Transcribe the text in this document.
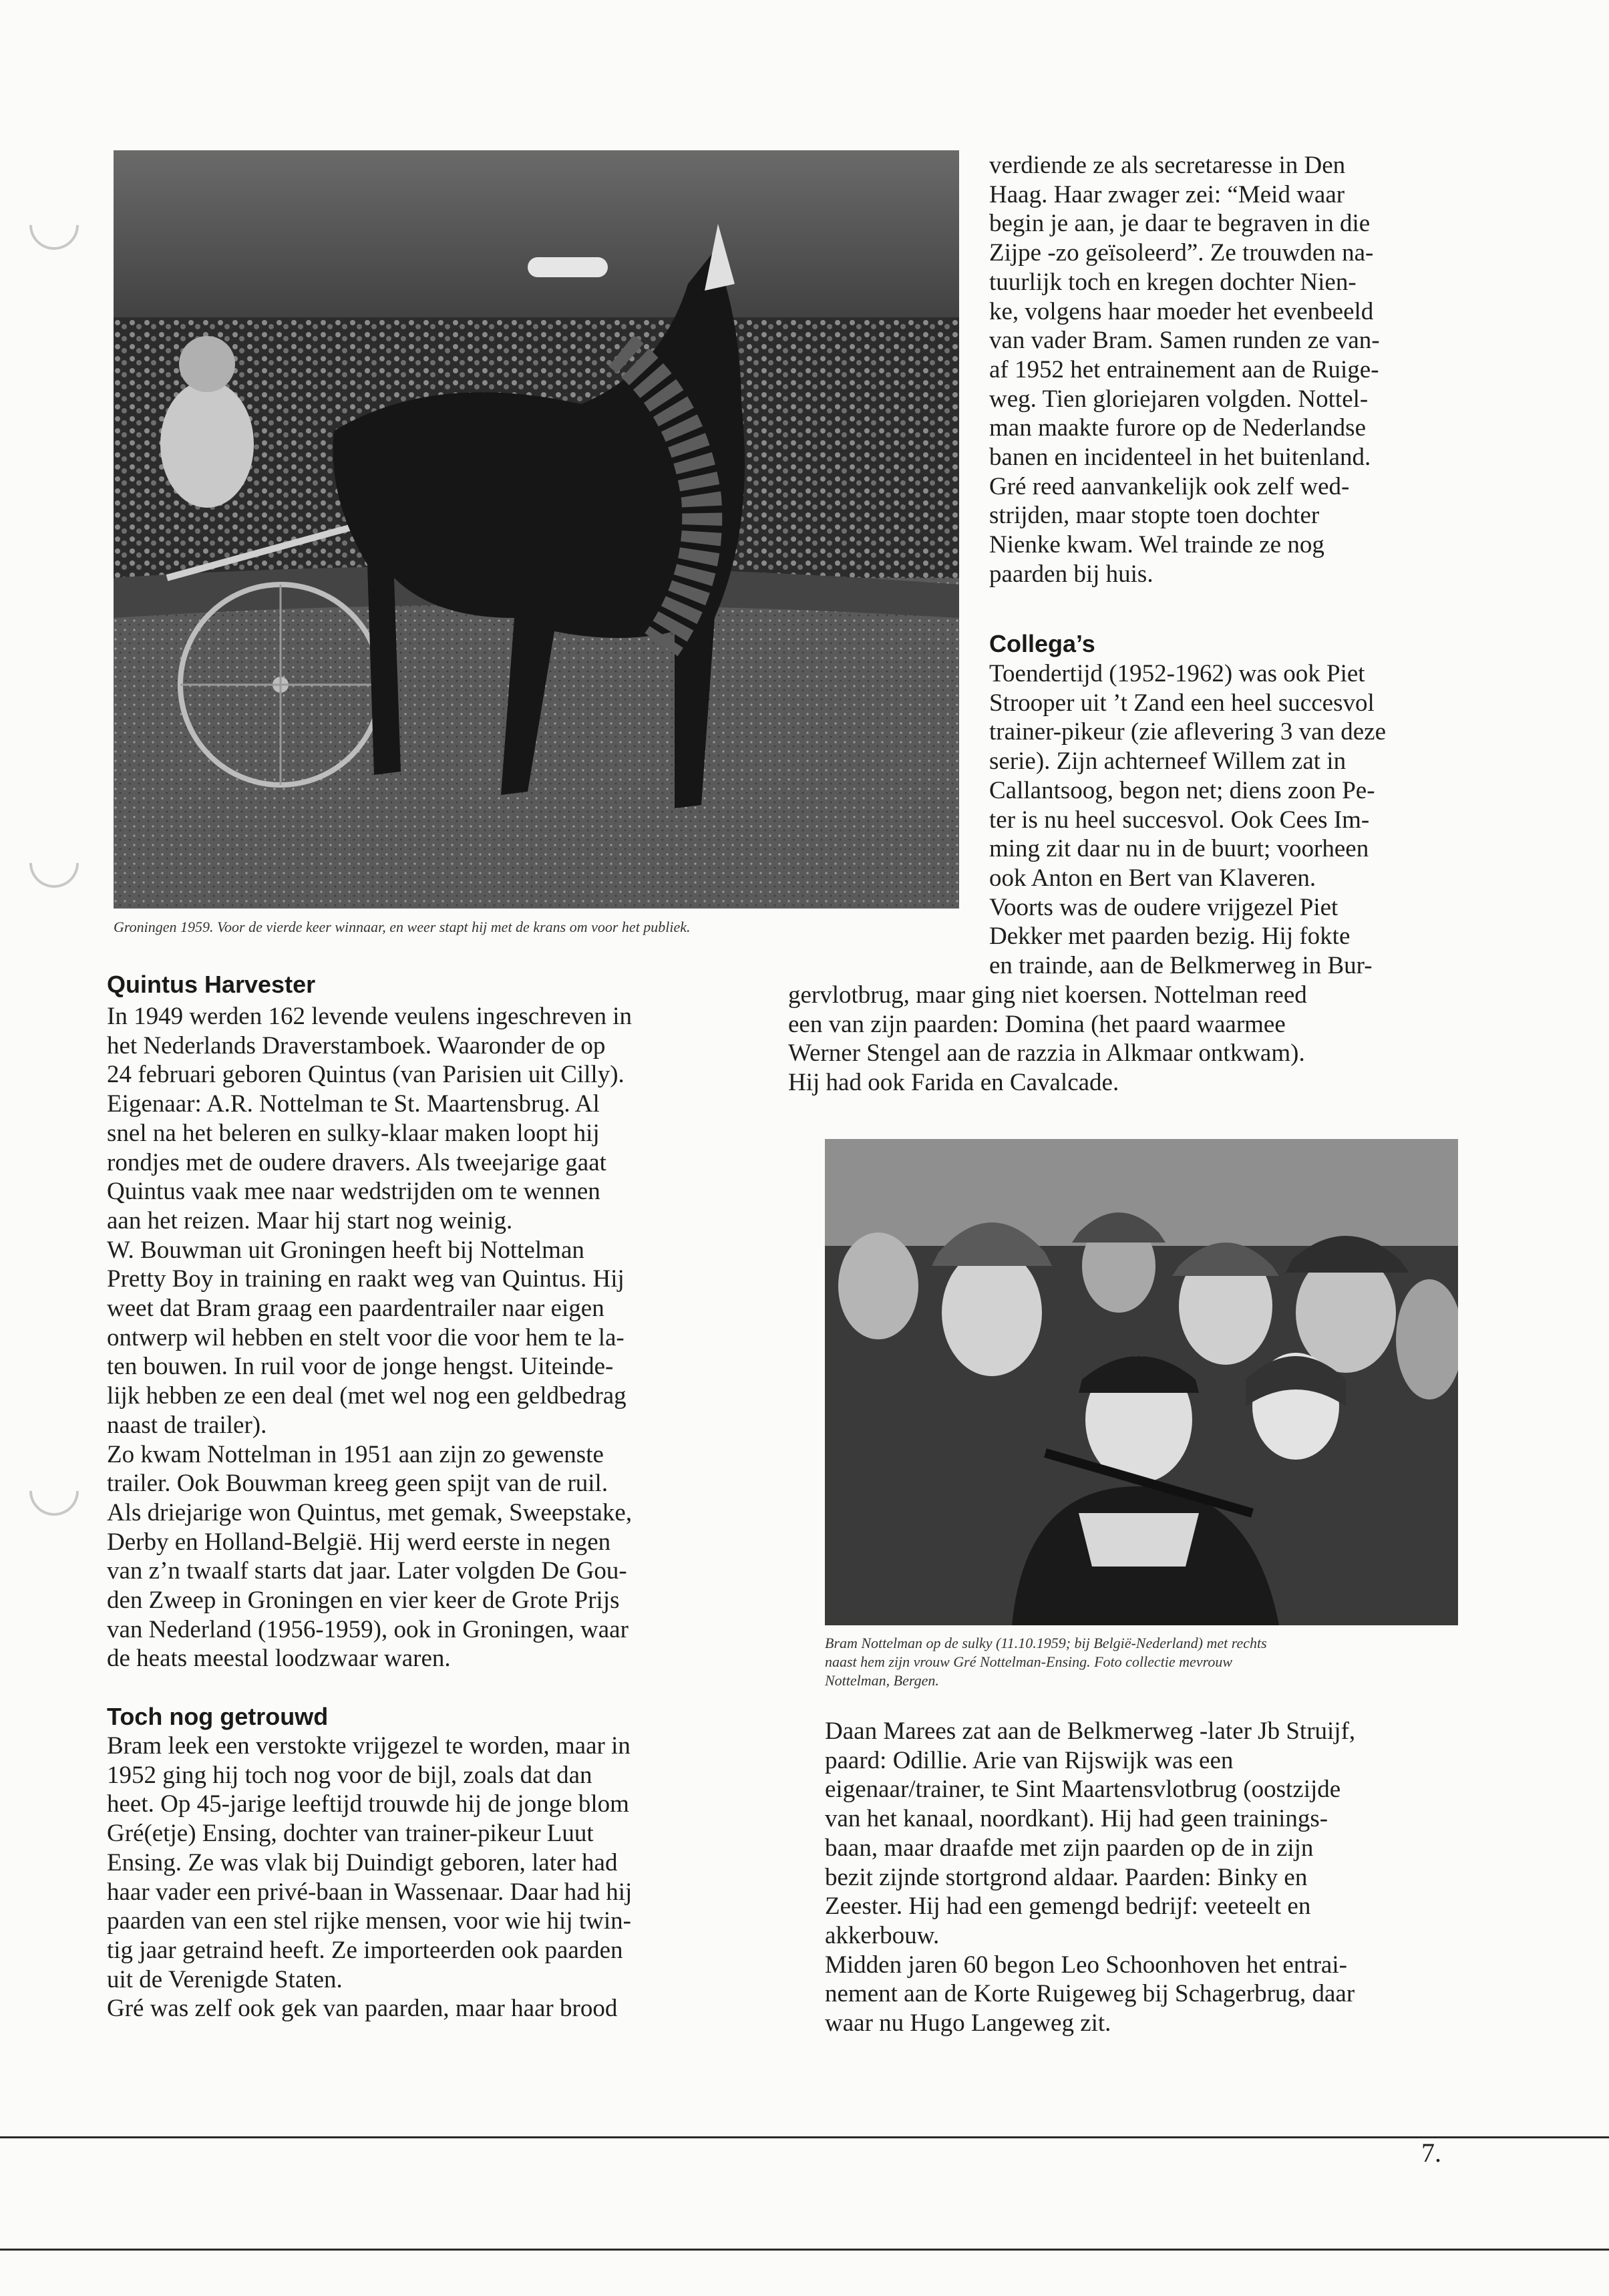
Groningen 1959. Voor de vierde keer winnaar, en weer stapt hij met de krans om voor het publiek.
verdiende ze als secretaresse in Den
Haag. Haar zwager zei: “Meid waar
begin je aan, je daar te begraven in die
Zijpe -zo geïsoleerd”. Ze trouwden na-
tuurlijk toch en kregen dochter Nien-
ke, volgens haar moeder het evenbeeld
van vader Bram. Samen runden ze van-
af 1952 het entrainement aan de Ruige-
weg. Tien gloriejaren volgden. Nottel-
man maakte furore op de Nederlandse
banen en incidenteel in het buitenland.
Gré reed aanvankelijk ook zelf wed-
strijden, maar stopte toen dochter
Nienke kwam. Wel trainde ze nog
paarden bij huis.
Collega’s
Toendertijd (1952-1962) was ook Piet
Strooper uit ’t Zand een heel succesvol
trainer-pikeur (zie aflevering 3 van deze
serie). Zijn achterneef Willem zat in
Callantsoog, begon net; diens zoon Pe-
ter is nu heel succesvol. Ook Cees Im-
ming zit daar nu in de buurt; voorheen
ook Anton en Bert van Klaveren.
Voorts was de oudere vrijgezel Piet
Dekker met paarden bezig. Hij fokte
en trainde, aan de Belkmerweg in Bur-
gervlotbrug, maar ging niet koersen. Nottelman reed
een van zijn paarden: Domina (het paard waarmee
Werner Stengel aan de razzia in Alkmaar ontkwam).
Hij had ook Farida en Cavalcade.
Quintus Harvester
In 1949 werden 162 levende veulens ingeschreven in
het Nederlands Draverstamboek. Waaronder de op
24 februari geboren Quintus (van Parisien uit Cilly).
Eigenaar: A.R. Nottelman te St. Maartensbrug. Al
snel na het beleren en sulky-klaar maken loopt hij
rondjes met de oudere dravers. Als tweejarige gaat
Quintus vaak mee naar wedstrijden om te wennen
aan het reizen. Maar hij start nog weinig.
W. Bouwman uit Groningen heeft bij Nottelman
Pretty Boy in training en raakt weg van Quintus. Hij
weet dat Bram graag een paardentrailer naar eigen
ontwerp wil hebben en stelt voor die voor hem te la-
ten bouwen. In ruil voor de jonge hengst. Uiteinde-
lijk hebben ze een deal (met wel nog een geldbedrag
naast de trailer).
Zo kwam Nottelman in 1951 aan zijn zo gewenste
trailer. Ook Bouwman kreeg geen spijt van de ruil.
Als driejarige won Quintus, met gemak, Sweepstake,
Derby en Holland-België. Hij werd eerste in negen
van z’n twaalf starts dat jaar. Later volgden De Gou-
den Zweep in Groningen en vier keer de Grote Prijs
van Nederland (1956-1959), ook in Groningen, waar
de heats meestal loodzwaar waren.
Toch nog getrouwd
Bram leek een verstokte vrijgezel te worden, maar in
1952 ging hij toch nog voor de bijl, zoals dat dan
heet. Op 45-jarige leeftijd trouwde hij de jonge blom
Gré(etje) Ensing, dochter van trainer-pikeur Luut
Ensing. Ze was vlak bij Duindigt geboren, later had
haar vader een privé-baan in Wassenaar. Daar had hij
paarden van een stel rijke mensen, voor wie hij twin-
tig jaar getraind heeft. Ze importeerden ook paarden
uit de Verenigde Staten.
Gré was zelf ook gek van paarden, maar haar brood
Bram Nottelman op de sulky (11.10.1959; bij België-Nederland) met rechts
naast hem zijn vrouw Gré Nottelman-Ensing. Foto collectie mevrouw
Nottelman, Bergen.
Daan Marees zat aan de Belkmerweg -later Jb Struijf,
paard: Odillie. Arie van Rijswijk was een
eigenaar/trainer, te Sint Maartensvlotbrug (oostzijde
van het kanaal, noordkant). Hij had geen trainings-
baan, maar draafde met zijn paarden op de in zijn
bezit zijnde stortgrond aldaar. Paarden: Binky en
Zeester. Hij had een gemengd bedrijf: veeteelt en
akkerbouw.
Midden jaren 60 begon Leo Schoonhoven het entrai-
nement aan de Korte Ruigeweg bij Schagerbrug, daar
waar nu Hugo Langeweg zit.
7.
